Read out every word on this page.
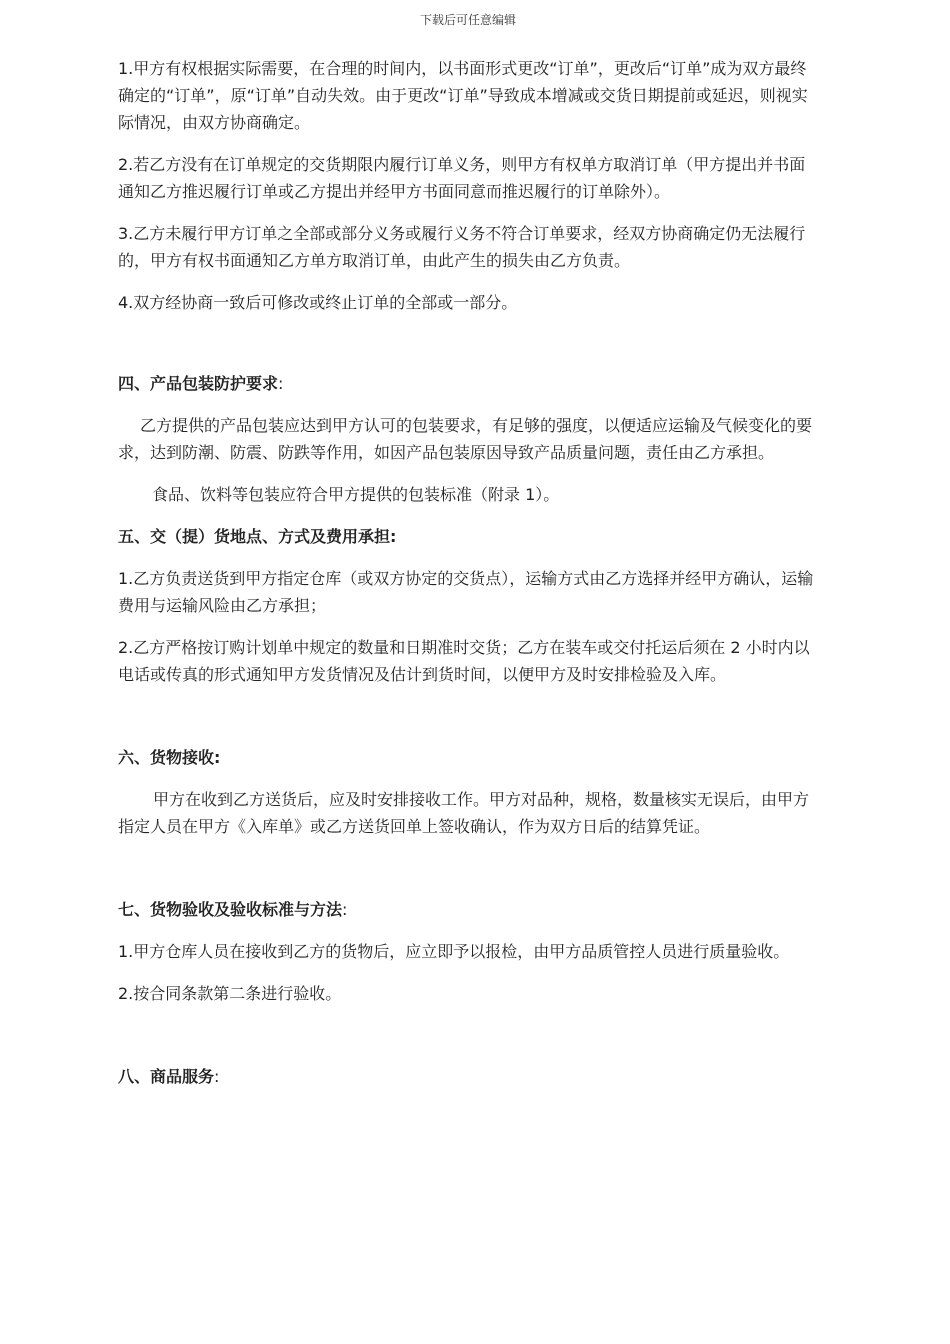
下载后可任意编辑

1.甲方有权根据实际需要，在合理的时间内，以书面形式更改“订单”，更改后“订单”成为双方最终确定的“订单”，原“订单”自动失效。由于更改“订单”导致成本增减或交货日期提前或延迟，则视实际情况，由双方协商确定。

2.若乙方没有在订单规定的交货期限内履行订单义务，则甲方有权单方取消订单（甲方提出并书面通知乙方推迟履行订单或乙方提出并经甲方书面同意而推迟履行的订单除外）。

3.乙方未履行甲方订单之全部或部分义务或履行义务不符合订单要求，经双方协商确定仍无法履行的，甲方有权书面通知乙方单方取消订单，由此产生的损失由乙方负责。

4.双方经协商一致后可修改或终止订单的全部或一部分。

四、产品包装防护要求:

乙方提供的产品包装应达到甲方认可的包装要求，有足够的强度，以便适应运输及气候变化的要求，达到防潮、防震、防跌等作用，如因产品包装原因导致产品质量问题，责任由乙方承担。

食品、饮料等包装应符合甲方提供的包装标准（附录 1）。

五、交（提）货地点、方式及费用承担:

1.乙方负责送货到甲方指定仓库（或双方协定的交货点），运输方式由乙方选择并经甲方确认，运输费用与运输风险由乙方承担；

2.乙方严格按订购计划单中规定的数量和日期准时交货；乙方在装车或交付托运后须在 2 小时内以电话或传真的形式通知甲方发货情况及估计到货时间，以便甲方及时安排检验及入库。

六、货物接收:

甲方在收到乙方送货后，应及时安排接收工作。甲方对品种，规格，数量核实无误后，由甲方指定人员在甲方《入库单》或乙方送货回单上签收确认，作为双方日后的结算凭证。

七、货物验收及验收标准与方法:

1.甲方仓库人员在接收到乙方的货物后，应立即予以报检，由甲方品质管控人员进行质量验收。

2.按合同条款第二条进行验收。

八、商品服务:
